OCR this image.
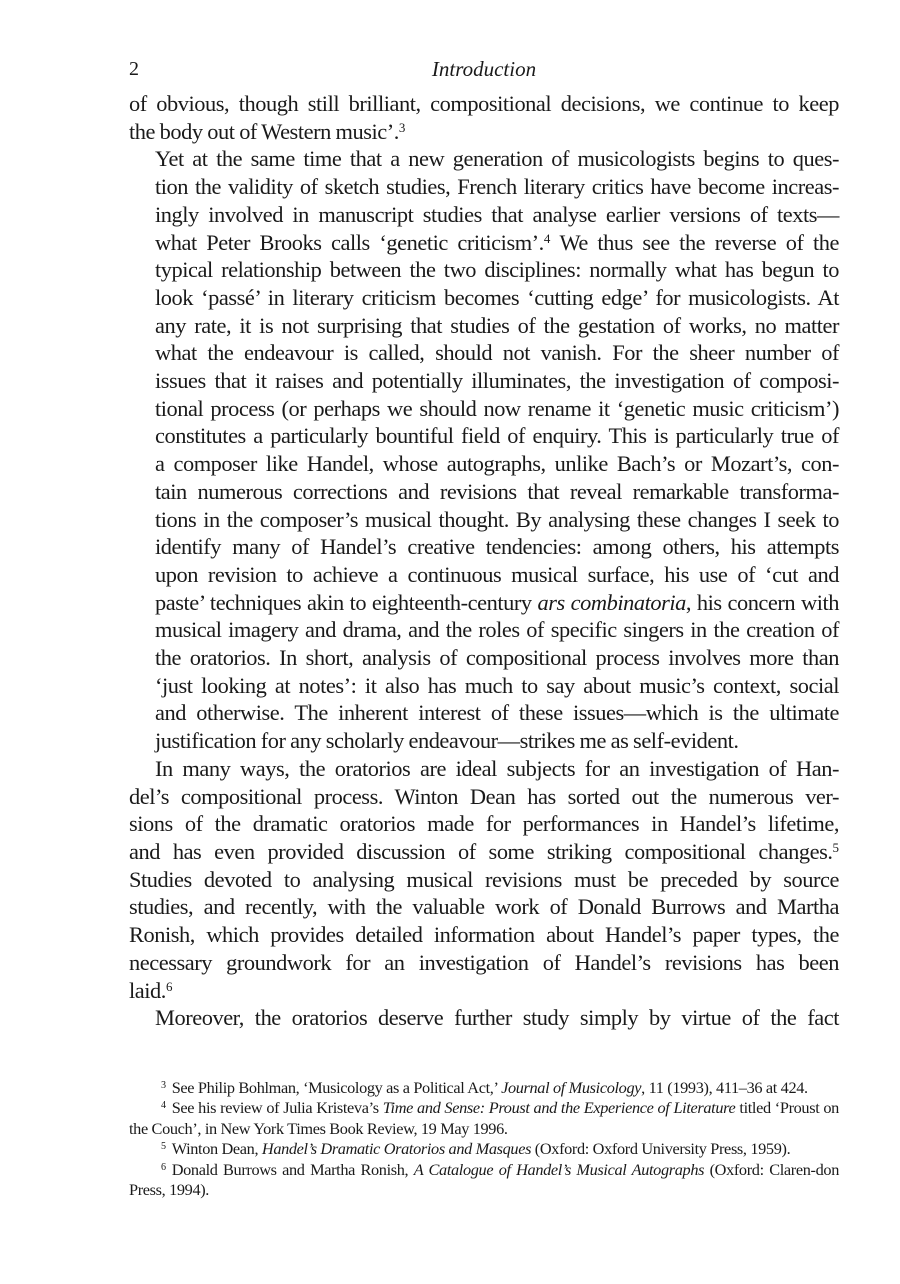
2	Introduction

of obvious, though still brilliant, compositional decisions, we continue to keep
the body out of Western music’.$^3$

Yet at the same time that a new generation of musicologists begins to ques-
tion the validity of sketch studies, French literary critics have become increas-
ingly involved in manuscript studies that analyse earlier versions of texts—
what Peter Brooks calls ‘genetic criticism’.$^4$ We thus see the reverse of the
typical relationship between the two disciplines: normally what has begun to
look ‘passé’ in literary criticism becomes ‘cutting edge’ for musicologists. At
any rate, it is not surprising that studies of the gestation of works, no matter
what the endeavour is called, should not vanish. For the sheer number of
issues that it raises and potentially illuminates, the investigation of composi-
tional process (or perhaps we should now rename it ‘genetic music criticism’)
constitutes a particularly bountiful field of enquiry. This is particularly true of
a composer like Handel, whose autographs, unlike Bach’s or Mozart’s, con-
tain numerous corrections and revisions that reveal remarkable transforma-
tions in the composer’s musical thought. By analysing these changes I seek to
identify many of Handel’s creative tendencies: among others, his attempts
upon revision to achieve a continuous musical surface, his use of ‘cut and
paste’ techniques akin to eighteenth-century ars combinatoria, his concern with
musical imagery and drama, and the roles of specific singers in the creation of
the oratorios. In short, analysis of compositional process involves more than
‘just looking at notes’: it also has much to say about music’s context, social
and otherwise. The inherent interest of these issues—which is the ultimate
justification for any scholarly endeavour—strikes me as self-evident.

In many ways, the oratorios are ideal subjects for an investigation of Han-
del’s compositional process. Winton Dean has sorted out the numerous ver-
sions of the dramatic oratorios made for performances in Handel’s lifetime,
and has even provided discussion of some striking compositional changes.$^5$
Studies devoted to analysing musical revisions must be preceded by source
studies, and recently, with the valuable work of Donald Burrows and Martha
Ronish, which provides detailed information about Handel’s paper types, the
necessary groundwork for an investigation of Handel’s revisions has been
laid.$^6$

Moreover, the oratorios deserve further study simply by virtue of the fact

$^3$ See Philip Bohlman, ‘Musicology as a Political Act,’ Journal of Musicology, 11 (1993), 411–36 at 424.

$^4$ See his review of Julia Kristeva’s Time and Sense: Proust and the Experience of Literature titled ‘Proust on the Couch’, in New York Times Book Review, 19 May 1996.

$^5$ Winton Dean, Handel’s Dramatic Oratorios and Masques (Oxford: Oxford University Press, 1959).

$^6$ Donald Burrows and Martha Ronish, A Catalogue of Handel’s Musical Autographs (Oxford: Claren-don Press, 1994).
